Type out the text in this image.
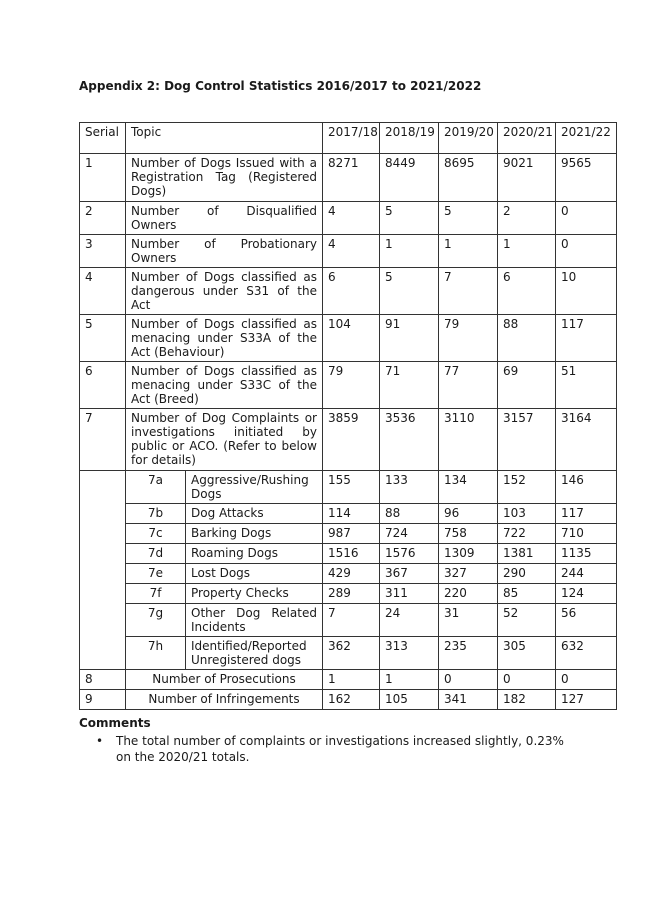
Appendix 2: Dog Control Statistics 2016/2017 to 2021/2022
Serial	Topic		2017/18	2018/19	2019/20	2020/21	2021/22
1	Number of Dogs Issued with a Registration Tag (Registered Dogs)		8271	8449	8695	9021	9565
2	Number of Disqualified Owners		4	5	5	2	0
3	Number of Probationary Owners		4	1	1	1	0
4	Number of Dogs classified as dangerous under S31 of the Act		6	5	7	6	10
5	Number of Dogs classified as menacing under S33A of the Act (Behaviour)		104	91	79	88	117
6	Number of Dogs classified as menacing under S33C of the Act (Breed)		79	71	77	69	51
7	Number of Dog Complaints or investigations initiated by public or ACO. (Refer to below for details)		3859	3536	3110	3157	3164
	7a	Aggressive/Rushing Dogs	155	133	134	152	146
	7b	Dog Attacks	114	88	96	103	117
	7c	Barking Dogs	987	724	758	722	710
	7d	Roaming Dogs	1516	1576	1309	1381	1135
	7e	Lost Dogs	429	367	327	290	244
	7f	Property Checks	289	311	220	85	124
	7g	Other Dog Related Incidents	7	24	31	52	56
	7h	Identified/Reported Unregistered dogs	362	313	235	305	632
8	Number of Prosecutions		1	1	0	0	0
9	Number of Infringements		162	105	341	182	127
Comments
• The total number of complaints or investigations increased slightly, 0.23% on the 2020/21 totals.
